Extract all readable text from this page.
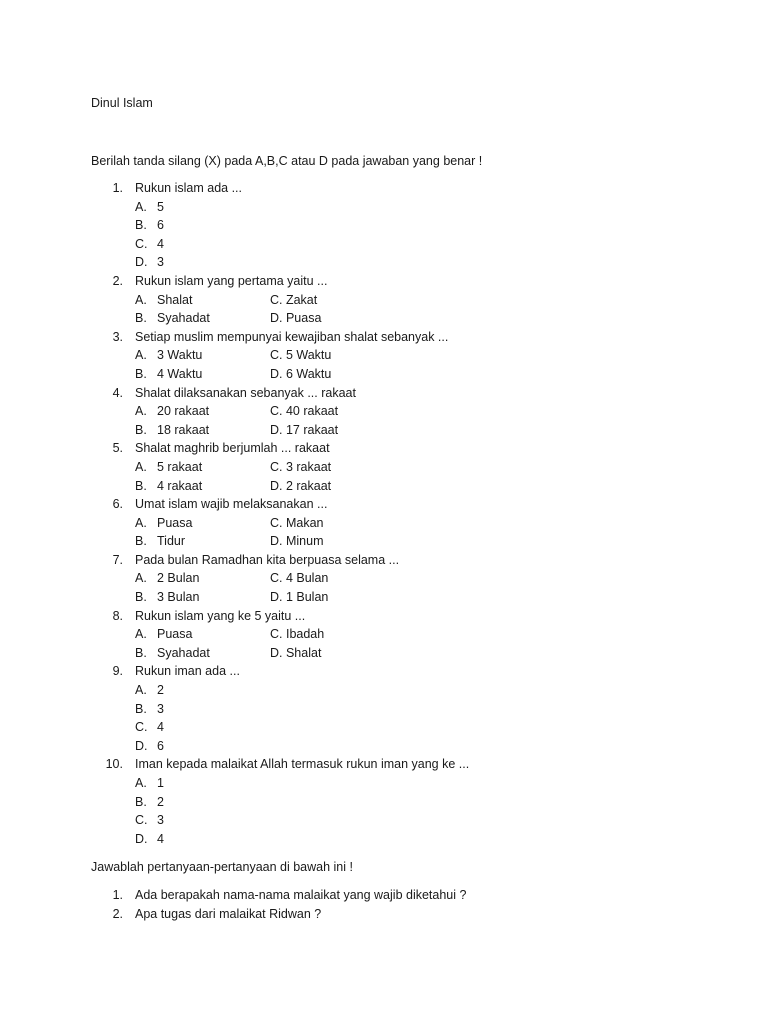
Dinul Islam
Berilah tanda silang (X) pada A,B,C atau D pada jawaban yang benar !
1. Rukun islam ada ...
A. 5
B. 6
C. 4
D. 3
2. Rukun islam yang pertama yaitu ...
A. Shalat	C. Zakat
B. Syahadat	D. Puasa
3. Setiap muslim mempunyai kewajiban shalat sebanyak ...
A. 3 Waktu	C. 5 Waktu
B. 4 Waktu	D. 6 Waktu
4. Shalat dilaksanakan sebanyak ... rakaat
A. 20 rakaat	C. 40 rakaat
B. 18 rakaat	D. 17 rakaat
5. Shalat maghrib berjumlah ... rakaat
A. 5 rakaat	C. 3 rakaat
B. 4 rakaat	D. 2 rakaat
6. Umat islam wajib melaksanakan ...
A. Puasa	C. Makan
B. Tidur	D. Minum
7. Pada bulan Ramadhan kita berpuasa selama ...
A. 2 Bulan	C. 4 Bulan
B. 3 Bulan	D. 1 Bulan
8. Rukun islam yang ke 5 yaitu ...
A. Puasa	C. Ibadah
B. Syahadat	D. Shalat
9. Rukun iman ada ...
A. 2
B. 3
C. 4
D. 6
10. Iman kepada malaikat Allah termasuk rukun iman yang ke ...
A. 1
B. 2
C. 3
D. 4
Jawablah pertanyaan-pertanyaan di bawah ini !
1. Ada berapakah nama-nama malaikat yang wajib diketahui ?
2. Apa tugas dari malaikat Ridwan ?
